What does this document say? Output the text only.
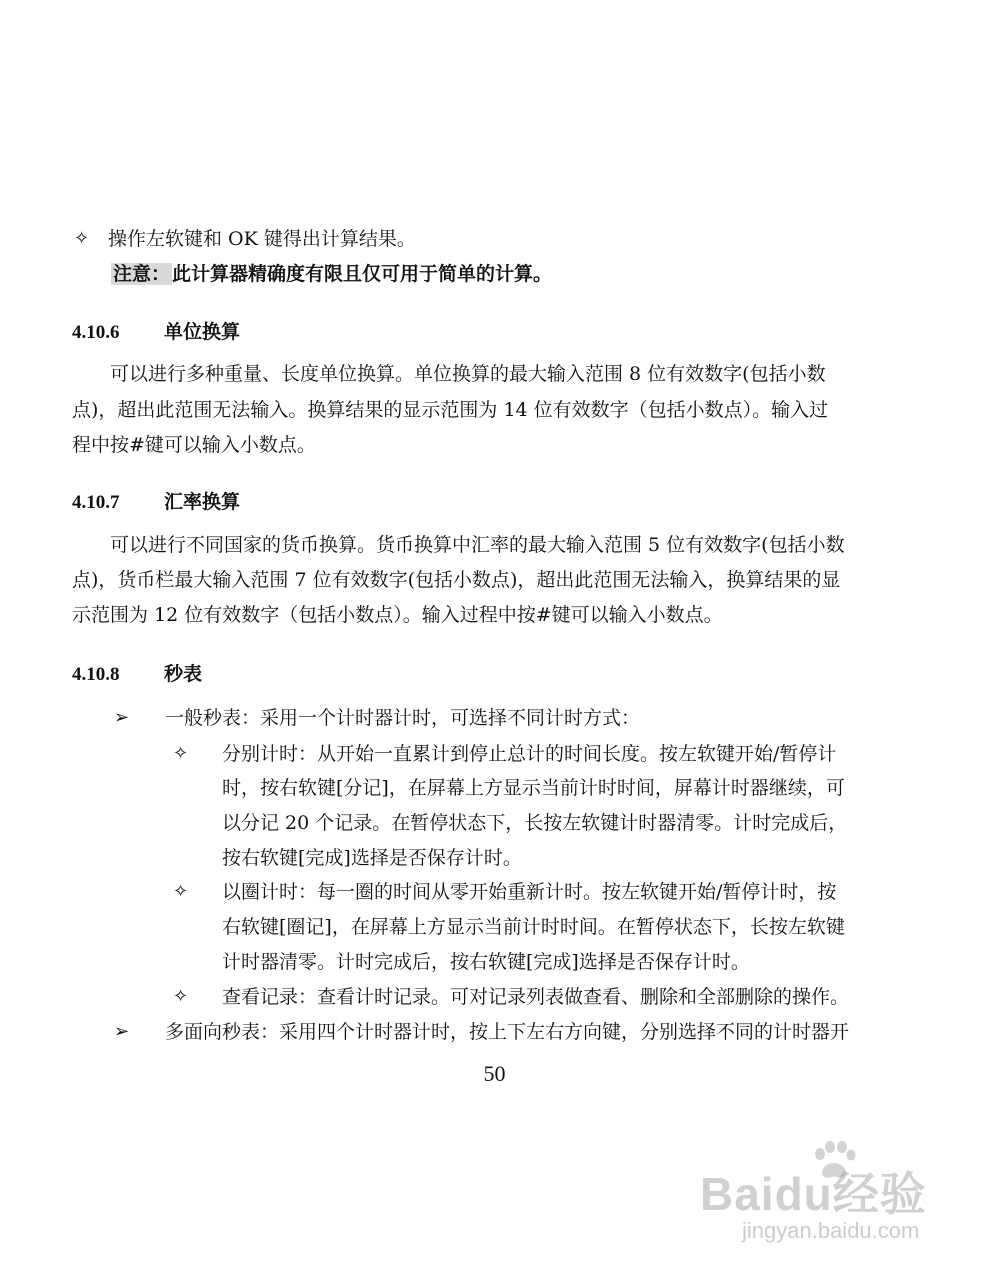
✧ 操作左软键和 OK 键得出计算结果。
注意： 此计算器精确度有限且仅可用于简单的计算。
4.10.6 单位换算
可以进行多种重量、长度单位换算。单位换算的最大输入范围 8 位有效数字(包括小数
点)，超出此范围无法输入。换算结果的显示范围为 14 位有效数字（包括小数点）。输入过
程中按#键可以输入小数点。
4.10.7 汇率换算
可以进行不同国家的货币换算。货币换算中汇率的最大输入范围 5 位有效数字(包括小数
点)，货币栏最大输入范围 7 位有效数字(包括小数点)，超出此范围无法输入，换算结果的显
示范围为 12 位有效数字（包括小数点）。输入过程中按#键可以输入小数点。
4.10.8 秒表
➢ 一般秒表：采用一个计时器计时，可选择不同计时方式：
✧ 分别计时：从开始一直累计到停止总计的时间长度。按左软键开始/暂停计
时，按右软键[分记]，在屏幕上方显示当前计时时间，屏幕计时器继续，可
以分记 20 个记录。在暂停状态下，长按左软键计时器清零。计时完成后，
按右软键[完成]选择是否保存计时。
✧ 以圈计时：每一圈的时间从零开始重新计时。按左软键开始/暂停计时，按
右软键[圈记]，在屏幕上方显示当前计时时间。在暂停状态下，长按左软键
计时器清零。计时完成后，按右软键[完成]选择是否保存计时。
✧ 查看记录：查看计时记录。可对记录列表做查看、删除和全部删除的操作。
➢ 多面向秒表：采用四个计时器计时，按上下左右方向键，分别选择不同的计时器开
50
Baidu经验
jingyan.baidu.com
